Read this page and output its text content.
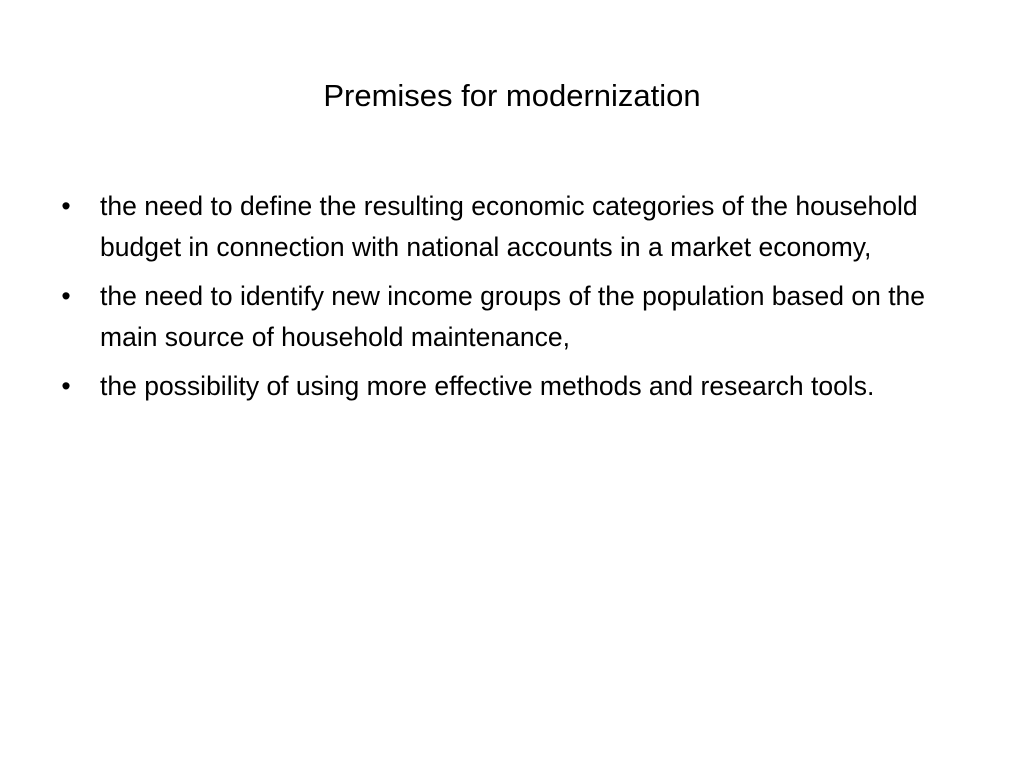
Premises for modernization
• the need to define the resulting economic categories of the household budget in connection with national accounts in a market economy,
• the need to identify new income groups of the population based on the main source of household maintenance,
• the possibility of using more effective methods and research tools.
